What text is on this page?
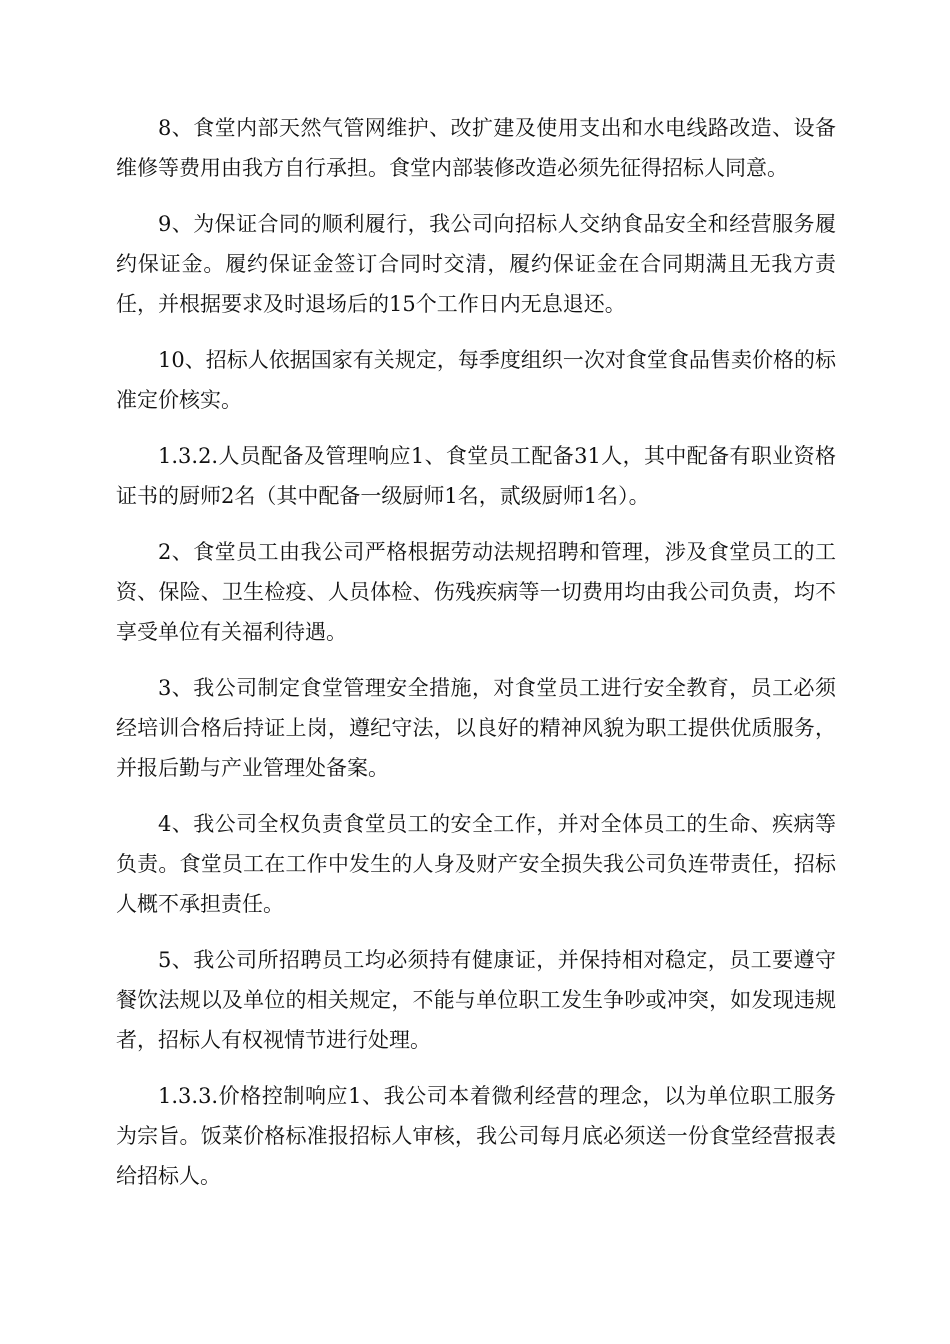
8、食堂内部天然气管网维护、改扩建及使用支出和水电线路改造、设备维修等费用由我方自行承担。食堂内部装修改造必须先征得招标人同意。

9、为保证合同的顺利履行，我公司向招标人交纳食品安全和经营服务履约保证金。履约保证金签订合同时交清，履约保证金在合同期满且无我方责任，并根据要求及时退场后的15个工作日内无息退还。

10、招标人依据国家有关规定，每季度组织一次对食堂食品售卖价格的标准定价核实。

1.3.2.人员配备及管理响应1、食堂员工配备31人，其中配备有职业资格证书的厨师2名（其中配备一级厨师1名，贰级厨师1名）。

2、食堂员工由我公司严格根据劳动法规招聘和管理，涉及食堂员工的工资、保险、卫生检疫、人员体检、伤残疾病等一切费用均由我公司负责，均不享受单位有关福利待遇。

3、我公司制定食堂管理安全措施，对食堂员工进行安全教育，员工必须经培训合格后持证上岗，遵纪守法，以良好的精神风貌为职工提供优质服务，并报后勤与产业管理处备案。

4、我公司全权负责食堂员工的安全工作，并对全体员工的生命、疾病等负责。食堂员工在工作中发生的人身及财产安全损失我公司负连带责任，招标人概不承担责任。

5、我公司所招聘员工均必须持有健康证，并保持相对稳定，员工要遵守餐饮法规以及单位的相关规定，不能与单位职工发生争吵或冲突，如发现违规者，招标人有权视情节进行处理。

1.3.3.价格控制响应1、我公司本着微利经营的理念，以为单位职工服务为宗旨。饭菜价格标准报招标人审核，我公司每月底必须送一份食堂经营报表给招标人。
